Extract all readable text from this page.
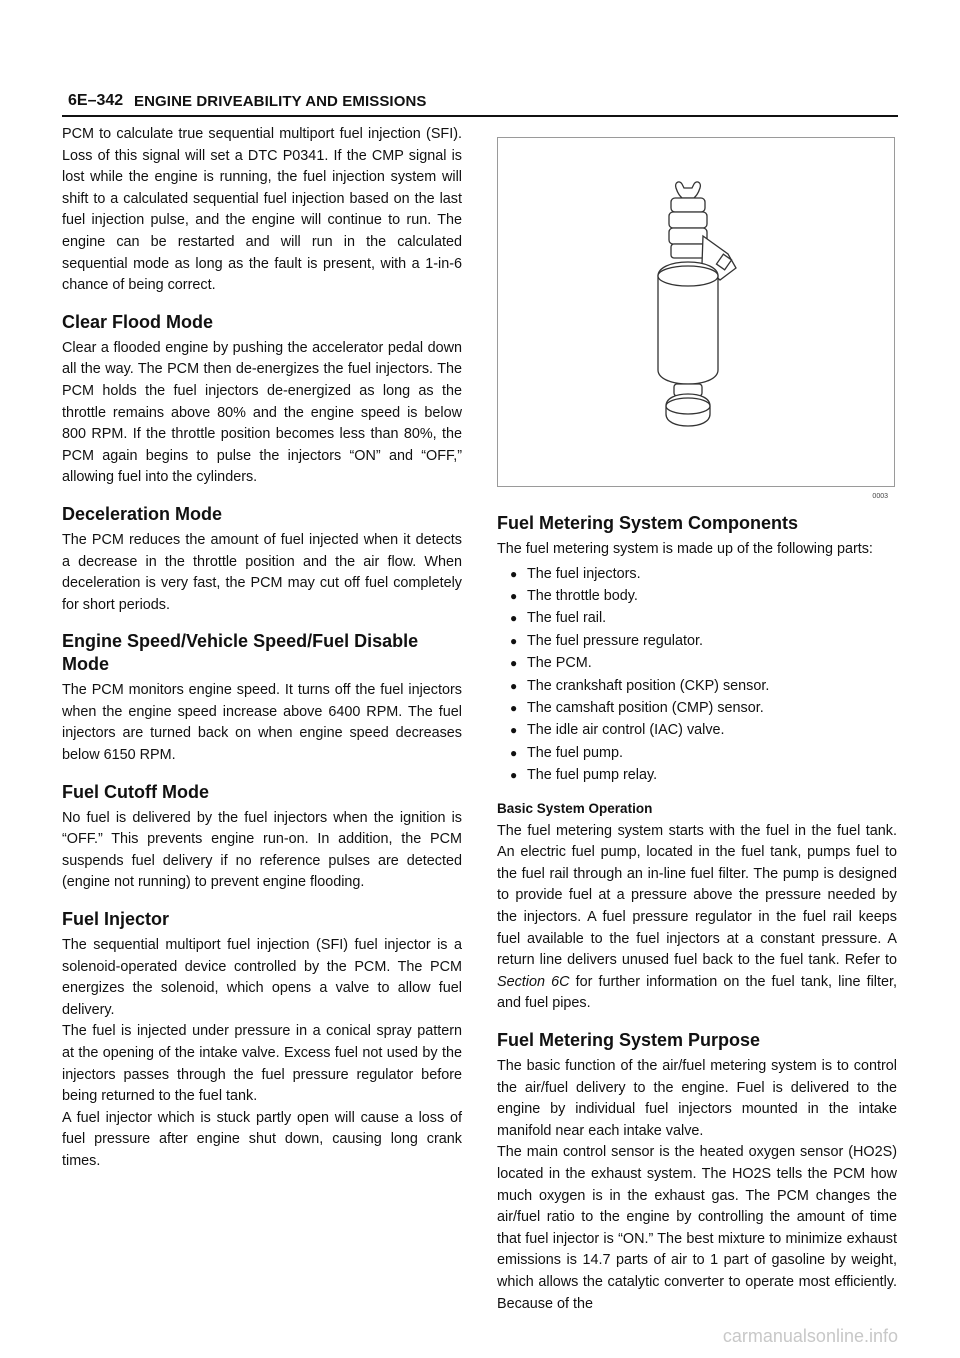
6E–342 ENGINE DRIVEABILITY AND EMISSIONS

PCM to calculate true sequential multiport fuel injection (SFI). Loss of this signal will set a DTC P0341. If the CMP signal is lost while the engine is running, the fuel injection system will shift to a calculated sequential fuel injection based on the last fuel injection pulse, and the engine will continue to run. The engine can be restarted and will run in the calculated sequential mode as long as the fault is present, with a 1-in-6 chance of being correct.

Clear Flood Mode

Clear a flooded engine by pushing the accelerator pedal down all the way. The PCM then de-energizes the fuel injectors. The PCM holds the fuel injectors de-energized as long as the throttle remains above 80% and the engine speed is below 800 RPM. If the throttle position becomes less than 80%, the PCM again begins to pulse the injectors “ON” and “OFF,” allowing fuel into the cylinders.

Deceleration Mode

The PCM reduces the amount of fuel injected when it detects a decrease in the throttle position and the air flow. When deceleration is very fast, the PCM may cut off fuel completely for short periods.

Engine Speed/Vehicle Speed/Fuel Disable Mode

The PCM monitors engine speed. It turns off the fuel injectors when the engine speed increase above 6400 RPM. The fuel injectors are turned back on when engine speed decreases below 6150 RPM.

Fuel Cutoff Mode

No fuel is delivered by the fuel injectors when the ignition is “OFF.” This prevents engine run-on. In addition, the PCM suspends fuel delivery if no reference pulses are detected (engine not running) to prevent engine flooding.

Fuel Injector

The sequential multiport fuel injection (SFI) fuel injector is a solenoid-operated device controlled by the PCM. The PCM energizes the solenoid, which opens a valve to allow fuel delivery.

The fuel is injected under pressure in a conical spray pattern at the opening of the intake valve. Excess fuel not used by the injectors passes through the fuel pressure regulator before being returned to the fuel tank.

A fuel injector which is stuck partly open will cause a loss of fuel pressure after engine shut down, causing long crank times.

0003
Fuel Metering System Components

The fuel metering system is made up of the following parts:

● The fuel injectors.
● The throttle body.
● The fuel rail.
● The fuel pressure regulator.
● The PCM.
● The crankshaft position (CKP) sensor.
● The camshaft position (CMP) sensor.
● The idle air control (IAC) valve.
● The fuel pump.
● The fuel pump relay.
Basic System Operation

The fuel metering system starts with the fuel in the fuel tank. An electric fuel pump, located in the fuel tank, pumps fuel to the fuel rail through an in-line fuel filter. The pump is designed to provide fuel at a pressure above the pressure needed by the injectors. A fuel pressure regulator in the fuel rail keeps fuel available to the fuel injectors at a constant pressure. A return line delivers unused fuel back to the fuel tank. Refer to Section 6C for further information on the fuel tank, line filter, and fuel pipes.

Fuel Metering System Purpose

The basic function of the air/fuel metering system is to control the air/fuel delivery to the engine. Fuel is delivered to the engine by individual fuel injectors mounted in the intake manifold near each intake valve.

The main control sensor is the heated oxygen sensor (HO2S) located in the exhaust system. The HO2S tells the PCM how much oxygen is in the exhaust gas. The PCM changes the air/fuel ratio to the engine by controlling the amount of time that fuel injector is “ON.” The best mixture to minimize exhaust emissions is 14.7 parts of air to 1 part of gasoline by weight, which allows the catalytic converter to operate most efficiently. Because of the

carmanualsonline.info
